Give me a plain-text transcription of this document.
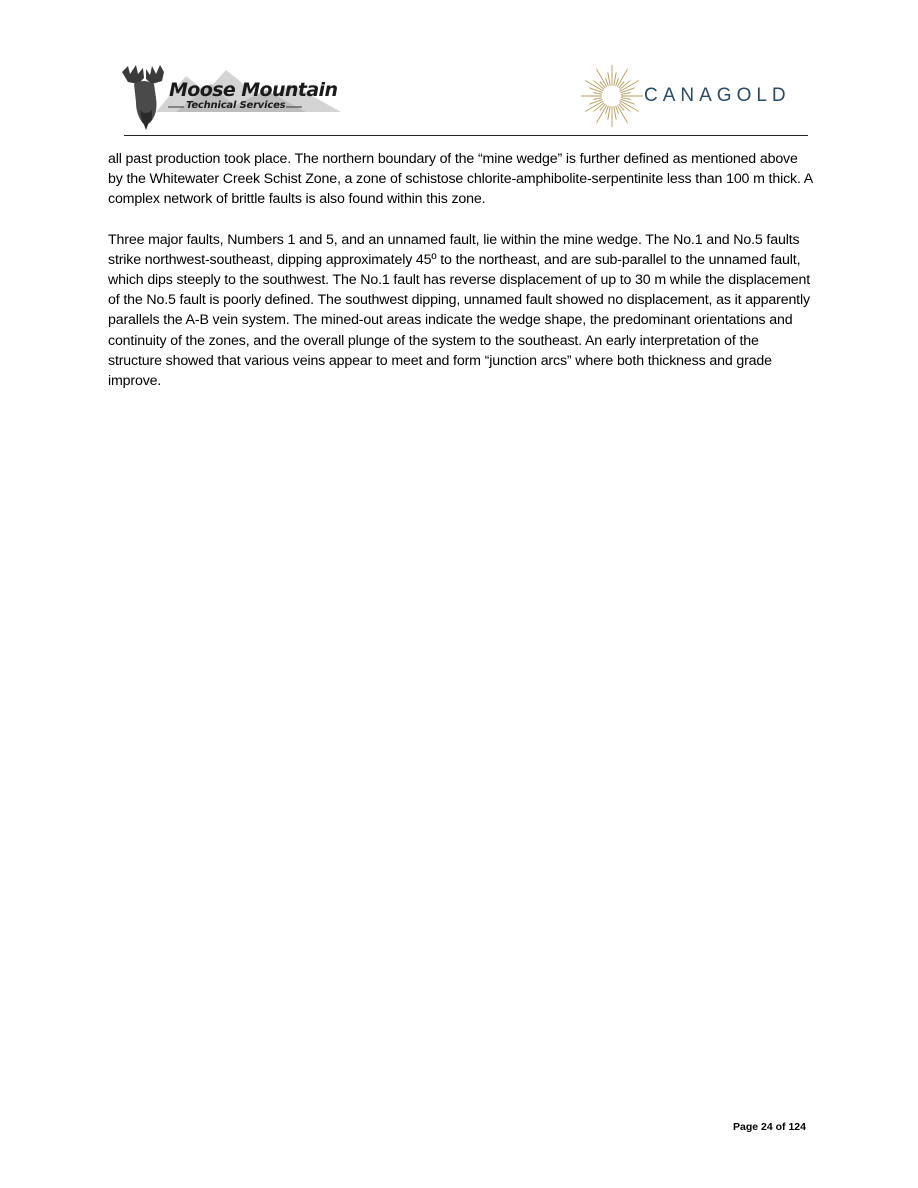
Moose Mountain
Technical Services	CANAGOLD

all past production took place. The northern boundary of the “mine wedge” is further defined as mentioned above by the Whitewater Creek Schist Zone, a zone of schistose chlorite-amphibolite-serpentinite less than 100 m thick. A complex network of brittle faults is also found within this zone.

Three major faults, Numbers 1 and 5, and an unnamed fault, lie within the mine wedge. The No.1 and No.5 faults strike northwest-southeast, dipping approximately 45º to the northeast, and are sub-parallel to the unnamed fault, which dips steeply to the southwest. The No.1 fault has reverse displacement of up to 30 m while the displacement of the No.5 fault is poorly defined. The southwest dipping, unnamed fault showed no displacement, as it apparently parallels the A-B vein system. The mined-out areas indicate the wedge shape, the predominant orientations and continuity of the zones, and the overall plunge of the system to the southeast. An early interpretation of the structure showed that various veins appear to meet and form “junction arcs” where both thickness and grade improve.

Page 24 of 124
